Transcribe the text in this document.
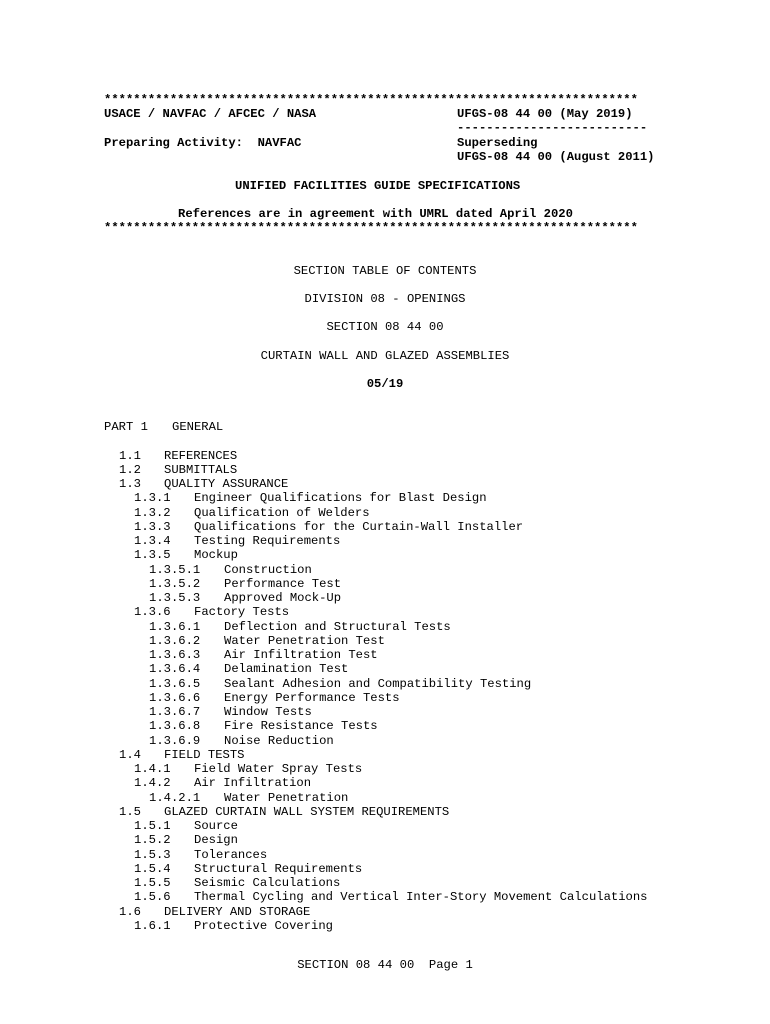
*************************************************************************
USACE / NAVFAC / AFCEC / NASA	UFGS-08 44 00 (May 2019)
--------------------------
Preparing Activity:  NAVFAC	Superseding
UFGS-08 44 00 (August 2011)
UNIFIED FACILITIES GUIDE SPECIFICATIONS
References are in agreement with UMRL dated April 2020
*************************************************************************
SECTION TABLE OF CONTENTS
DIVISION 08 - OPENINGS
SECTION 08 44 00
CURTAIN WALL AND GLAZED ASSEMBLIES
05/19
PART 1 GENERAL
1.1 REFERENCES
1.2 SUBMITTALS
1.3 QUALITY ASSURANCE
1.3.1 Engineer Qualifications for Blast Design
1.3.2 Qualification of Welders
1.3.3 Qualifications for the Curtain-Wall Installer
1.3.4 Testing Requirements
1.3.5 Mockup
1.3.5.1 Construction
1.3.5.2 Performance Test
1.3.5.3 Approved Mock-Up
1.3.6 Factory Tests
1.3.6.1 Deflection and Structural Tests
1.3.6.2 Water Penetration Test
1.3.6.3 Air Infiltration Test
1.3.6.4 Delamination Test
1.3.6.5 Sealant Adhesion and Compatibility Testing
1.3.6.6 Energy Performance Tests
1.3.6.7 Window Tests
1.3.6.8 Fire Resistance Tests
1.3.6.9 Noise Reduction
1.4 FIELD TESTS
1.4.1 Field Water Spray Tests
1.4.2 Air Infiltration
1.4.2.1 Water Penetration
1.5 GLAZED CURTAIN WALL SYSTEM REQUIREMENTS
1.5.1 Source
1.5.2 Design
1.5.3 Tolerances
1.5.4 Structural Requirements
1.5.5 Seismic Calculations
1.5.6 Thermal Cycling and Vertical Inter-Story Movement Calculations
1.6 DELIVERY AND STORAGE
1.6.1 Protective Covering
SECTION 08 44 00  Page 1
